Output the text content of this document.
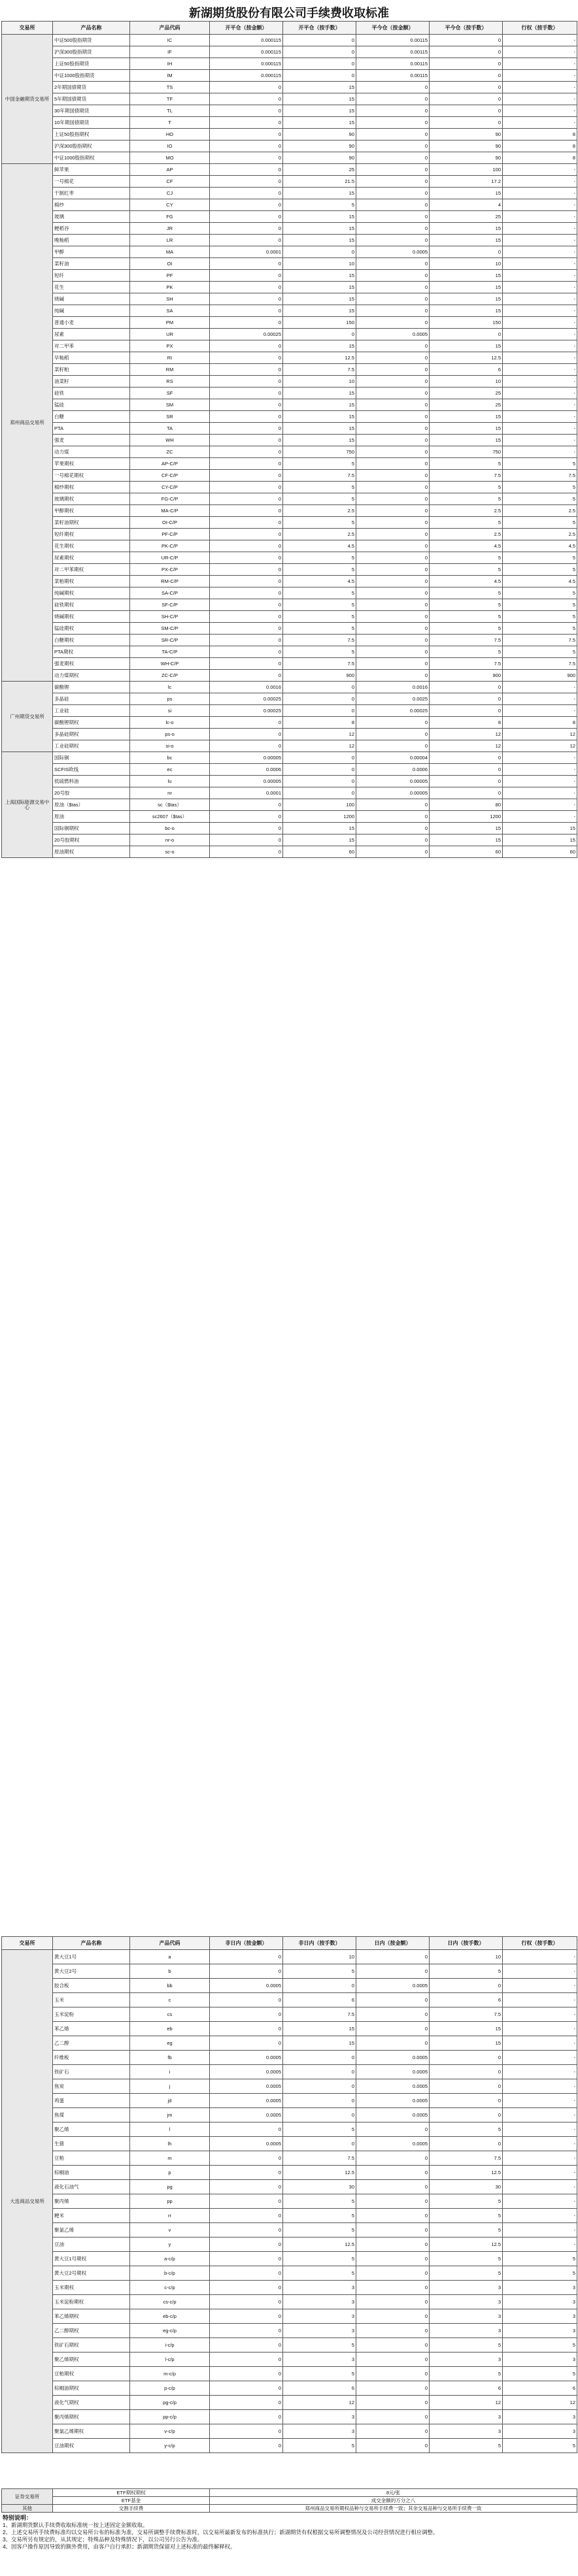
新湖期货股份有限公司手续费收取标准
交易所	产品名称	产品代码	开平仓（按金额）	开平仓（按手数）	平今仓（按金额）	平今仓（按手数）	行权（按手数）
中国金融期货交易所	中证500股指期货	IC	0.000115	0	0.00115	0	-
	沪深300股指期货	IF	0.000115	0	0.00115	0	-
	上证50股指期货	IH	0.000115	0	0.00115	0	-
	中证1000股指期货	IM	0.000115	0	0.00115	0	-
	2年期国债期货	TS	0	15	0	0	-
	5年期国债期货	TF	0	15	0	0	-
	30年期国债期货	TL	0	15	0	0	-
	10年期国债期货	T	0	15	0	0	-
	上证50股指期权	HO	0	90	0	90	8
	沪深300股指期权	IO	0	90	0	90	8
	中证1000股指期权	MO	0	90	0	90	8
郑州商品交易所	鲜苹果	AP	0	25	0	100	-
	一号棉花	CF	0	21.5	0	17.2	-
	干制红枣	CJ	0	15	0	15	-
	棉纱	CY	0	5	0	4	-
	玻璃	FG	0	15	0	25	-
	粳稻谷	JR	0	15	0	15	-
	晚籼稻	LR	0	15	0	15	-
	甲醇	MA	0.0001	0	0.0005	0	-
	菜籽油	OI	0	10	0	10	-
	短纤	PF	0	15	0	15	-
	花生	PK	0	15	0	15	-
	烧碱	SH	0	15	0	15	-
	纯碱	SA	0	15	0	15	-
	普通小麦	PM	0	150	0	150	-
	尿素	UR	0.00025	0	0.0005	0	-
	对二甲苯	PX	0	15	0	15	-
	早籼稻	RI	0	12.5	0	12.5	-
	菜籽粕	RM	0	7.5	0	6	-
	油菜籽	RS	0	10	0	10	-
	硅铁	SF	0	15	0	25	-
	锰硅	SM	0	15	0	25	-
	白糖	SR	0	15	0	15	-
	PTA	TA	0	15	0	15	-
	强麦	WH	0	15	0	15	-
	动力煤	ZC	0	750	0	750	-
	苹果期权	AP-C/P	0	5	0	5	5
	一号棉花期权	CF-C/P	0	7.5	0	7.5	7.5
	棉纱期权	CY-C/P	0	5	0	5	5
	玻璃期权	FG-C/P	0	5	0	5	5
	甲醇期权	MA-C/P	0	2.5	0	2.5	2.5
	菜籽油期权	OI-C/P	0	5	0	5	5
	短纤期权	PF-C/P	0	2.5	0	2.5	2.5
	花生期权	PK-C/P	0	4.5	0	4.5	4.5
	尿素期权	UR-C/P	0	5	0	5	5
	对二甲苯期权	PX-C/P	0	5	0	5	5
	菜粕期权	RM-C/P	0	4.5	0	4.5	4.5
	纯碱期权	SA-C/P	0	5	0	5	5
	硅铁期权	SF-C/P	0	5	0	5	5
	烧碱期权	SH-C/P	0	5	0	5	5
	锰硅期权	SM-C/P	0	5	0	5	5
	白糖期权	SR-C/P	0	7.5	0	7.5	7.5
	PTA期权	TA-C/P	0	5	0	5	5
	强麦期权	WH-C/P	0	7.5	0	7.5	7.5
	动力煤期权	ZC-C/P	0	900	0	900	900
广州期货交易所	碳酸锂	lc	0.0016	0	0.0016	0	-
	多晶硅	ps	0.00025	0	0.0025	0	-
	工业硅	si	0.00025	0	0.00025	0	-
	碳酸锂期权	lc-o	0	8	0	8	8
	多晶硅期权	ps-o	0	12	0	12	12
	工业硅期权	si-o	0	12	0	12	12
上海国际能源交易中心	国际铜	bc	0.00005	0	0.00004	0	-
	SCFIS欧线	ec	0.0006	0	0.0006	0	-
	低硫燃料油	lu	0.00005	0	0.00005	0	-
	20号胶	nr	0.0001	0	0.00005	0	-
	原油（$tas）	sc（$tas）	0	100	0	80	-
	原油	sc2607（$tas）	0	1200	0	1200	-
	国际铜期权	bc-o	0	15	0	15	15
	20号胶期权	nr-o	0	15	0	15	15
	原油期权	sc-o	0	60	0	60	60
交易所	产品名称	产品代码	非日内（按金额）	非日内（按手数）	日内（按金额）	日内（按手数）	行权（按手数）
大连商品交易所	黄大豆1号	a	0	10	0	10	-
	黄大豆2号	b	0	5	0	5	-
	胶合板	bb	0.0005	0	0.0005	0	-
	玉米	c	0	6	0	6	-
	玉米淀粉	cs	0	7.5	0	7.5	-
	苯乙烯	eb	0	15	0	15	-
	乙二醇	eg	0	15	0	15	-
	纤维板	fb	0.0005	0	0.0005	0	-
	铁矿石	i	0.0005	0	0.0005	0	-
	焦炭	j	0.0005	0	0.0005	0	-
	鸡蛋	jd	0.0005	0	0.0005	0	-
	焦煤	jm	0.0005	0	0.0005	0	-
	聚乙烯	l	0	5	0	5	-
	生猪	lh	0.0005	0	0.0005	0	-
	豆粕	m	0	7.5	0	7.5	-
	棕榈油	p	0	12.5	0	12.5	-
	液化石油气	pg	0	30	0	30	-
	聚丙烯	pp	0	5	0	5	-
	粳米	rr	0	5	0	5	-
	聚氯乙烯	v	0	5	0	5	-
	豆油	y	0	12.5	0	12.5	-
	黄大豆1号期权	a-c/p	0	5	0	5	5
	黄大豆2号期权	b-c/p	0	5	0	5	5
	玉米期权	c-c/p	0	3	0	3	3
	玉米淀粉期权	cs-c/p	0	3	0	3	3
	苯乙烯期权	eb-c/p	0	3	0	3	3
	乙二醇期权	eg-c/p	0	3	0	3	3
	铁矿石期权	i-c/p	0	5	0	5	5
	聚乙烯期权	l-c/p	0	3	0	3	3
	豆粕期权	m-c/p	0	5	0	5	5
	棕榈油期权	p-c/p	0	6	0	6	6
	液化气期权	pg-c/p	0	12	0	12	12
	聚丙烯期权	pp-c/p	0	3	0	3	3
	聚氯乙烯期权	v-c/p	0	3	0	3	3
	豆油期权	y-c/p	0	5	0	5	5
证券交易所	ETF期权期权	8元/张
	ETF基金	成交金额的万分之八
其他	交割手续费	郑州商品交易所期权品种与交易所手续费一致；其余交易品种与交易所手续费一致
特别说明：
1、新湖期货默认手续费收取标准统一按上述固定金额收取。
2、上述交易所手续费标准均以交易所公布的标准为准，交易所调整手续费标准时，以交易所最新发布的标准执行；新湖期货有权根据交易所调整情况及公司经营情况进行相应调整。
3、交易所另有规定的，从其规定；特殊品种及特殊情况下，以公司另行公告为准。
4、因客户操作原因导致的额外费用，由客户自行承担；新湖期货保留对上述标准的最终解释权。
